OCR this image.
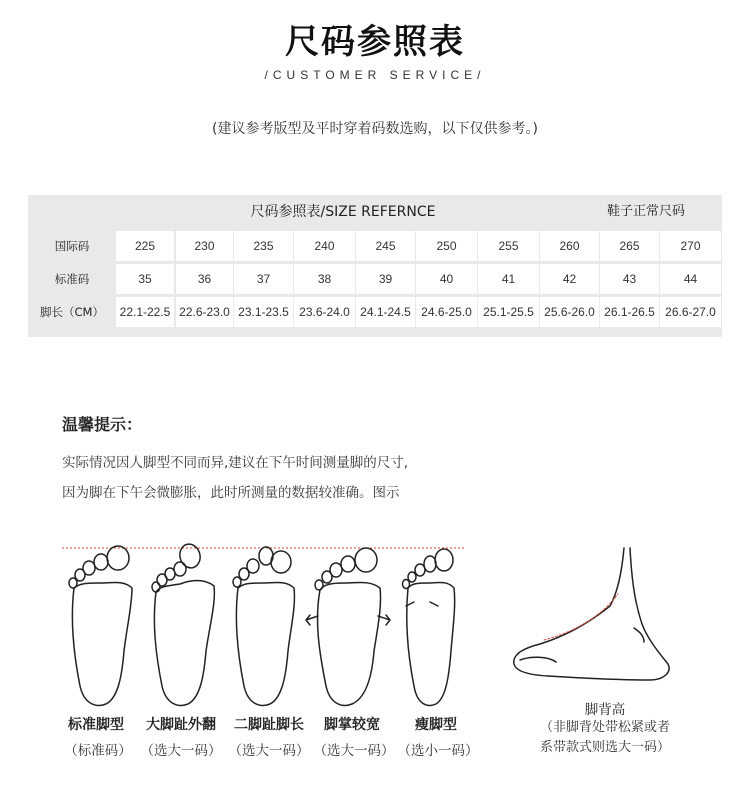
尺码参照表
/CUSTOMER SERVICE/
(建议参考版型及平时穿着码数选购，以下仅供参考。)
尺码参照表/SIZE REFERNCE	鞋子正常尺码
国际码	225	230	235	240	245	250	255	260	265	270
标准码	35	36	37	38	39	40	41	42	43	44
脚长（CM）	22.1-22.5 22.6-23.0 23.1-23.5 23.6-24.0 24.1-24.5 24.6-25.0 25.1-25.5 25.6-26.0 26.1-26.5 26.6-27.0
温馨提示：
实际情况因人脚型不同而异,建议在下午时间测量脚的尺寸,
因为脚在下午会微膨胀，此时所测量的数据较准确。图示
标准脚型	大脚趾外翻	二脚趾脚长	脚掌较宽	瘦脚型
（标准码） （选大一码） （选大一码） （选大一码） （选小一码）
脚背高
（非脚背处带松紧或者
系带款式则选大一码）
